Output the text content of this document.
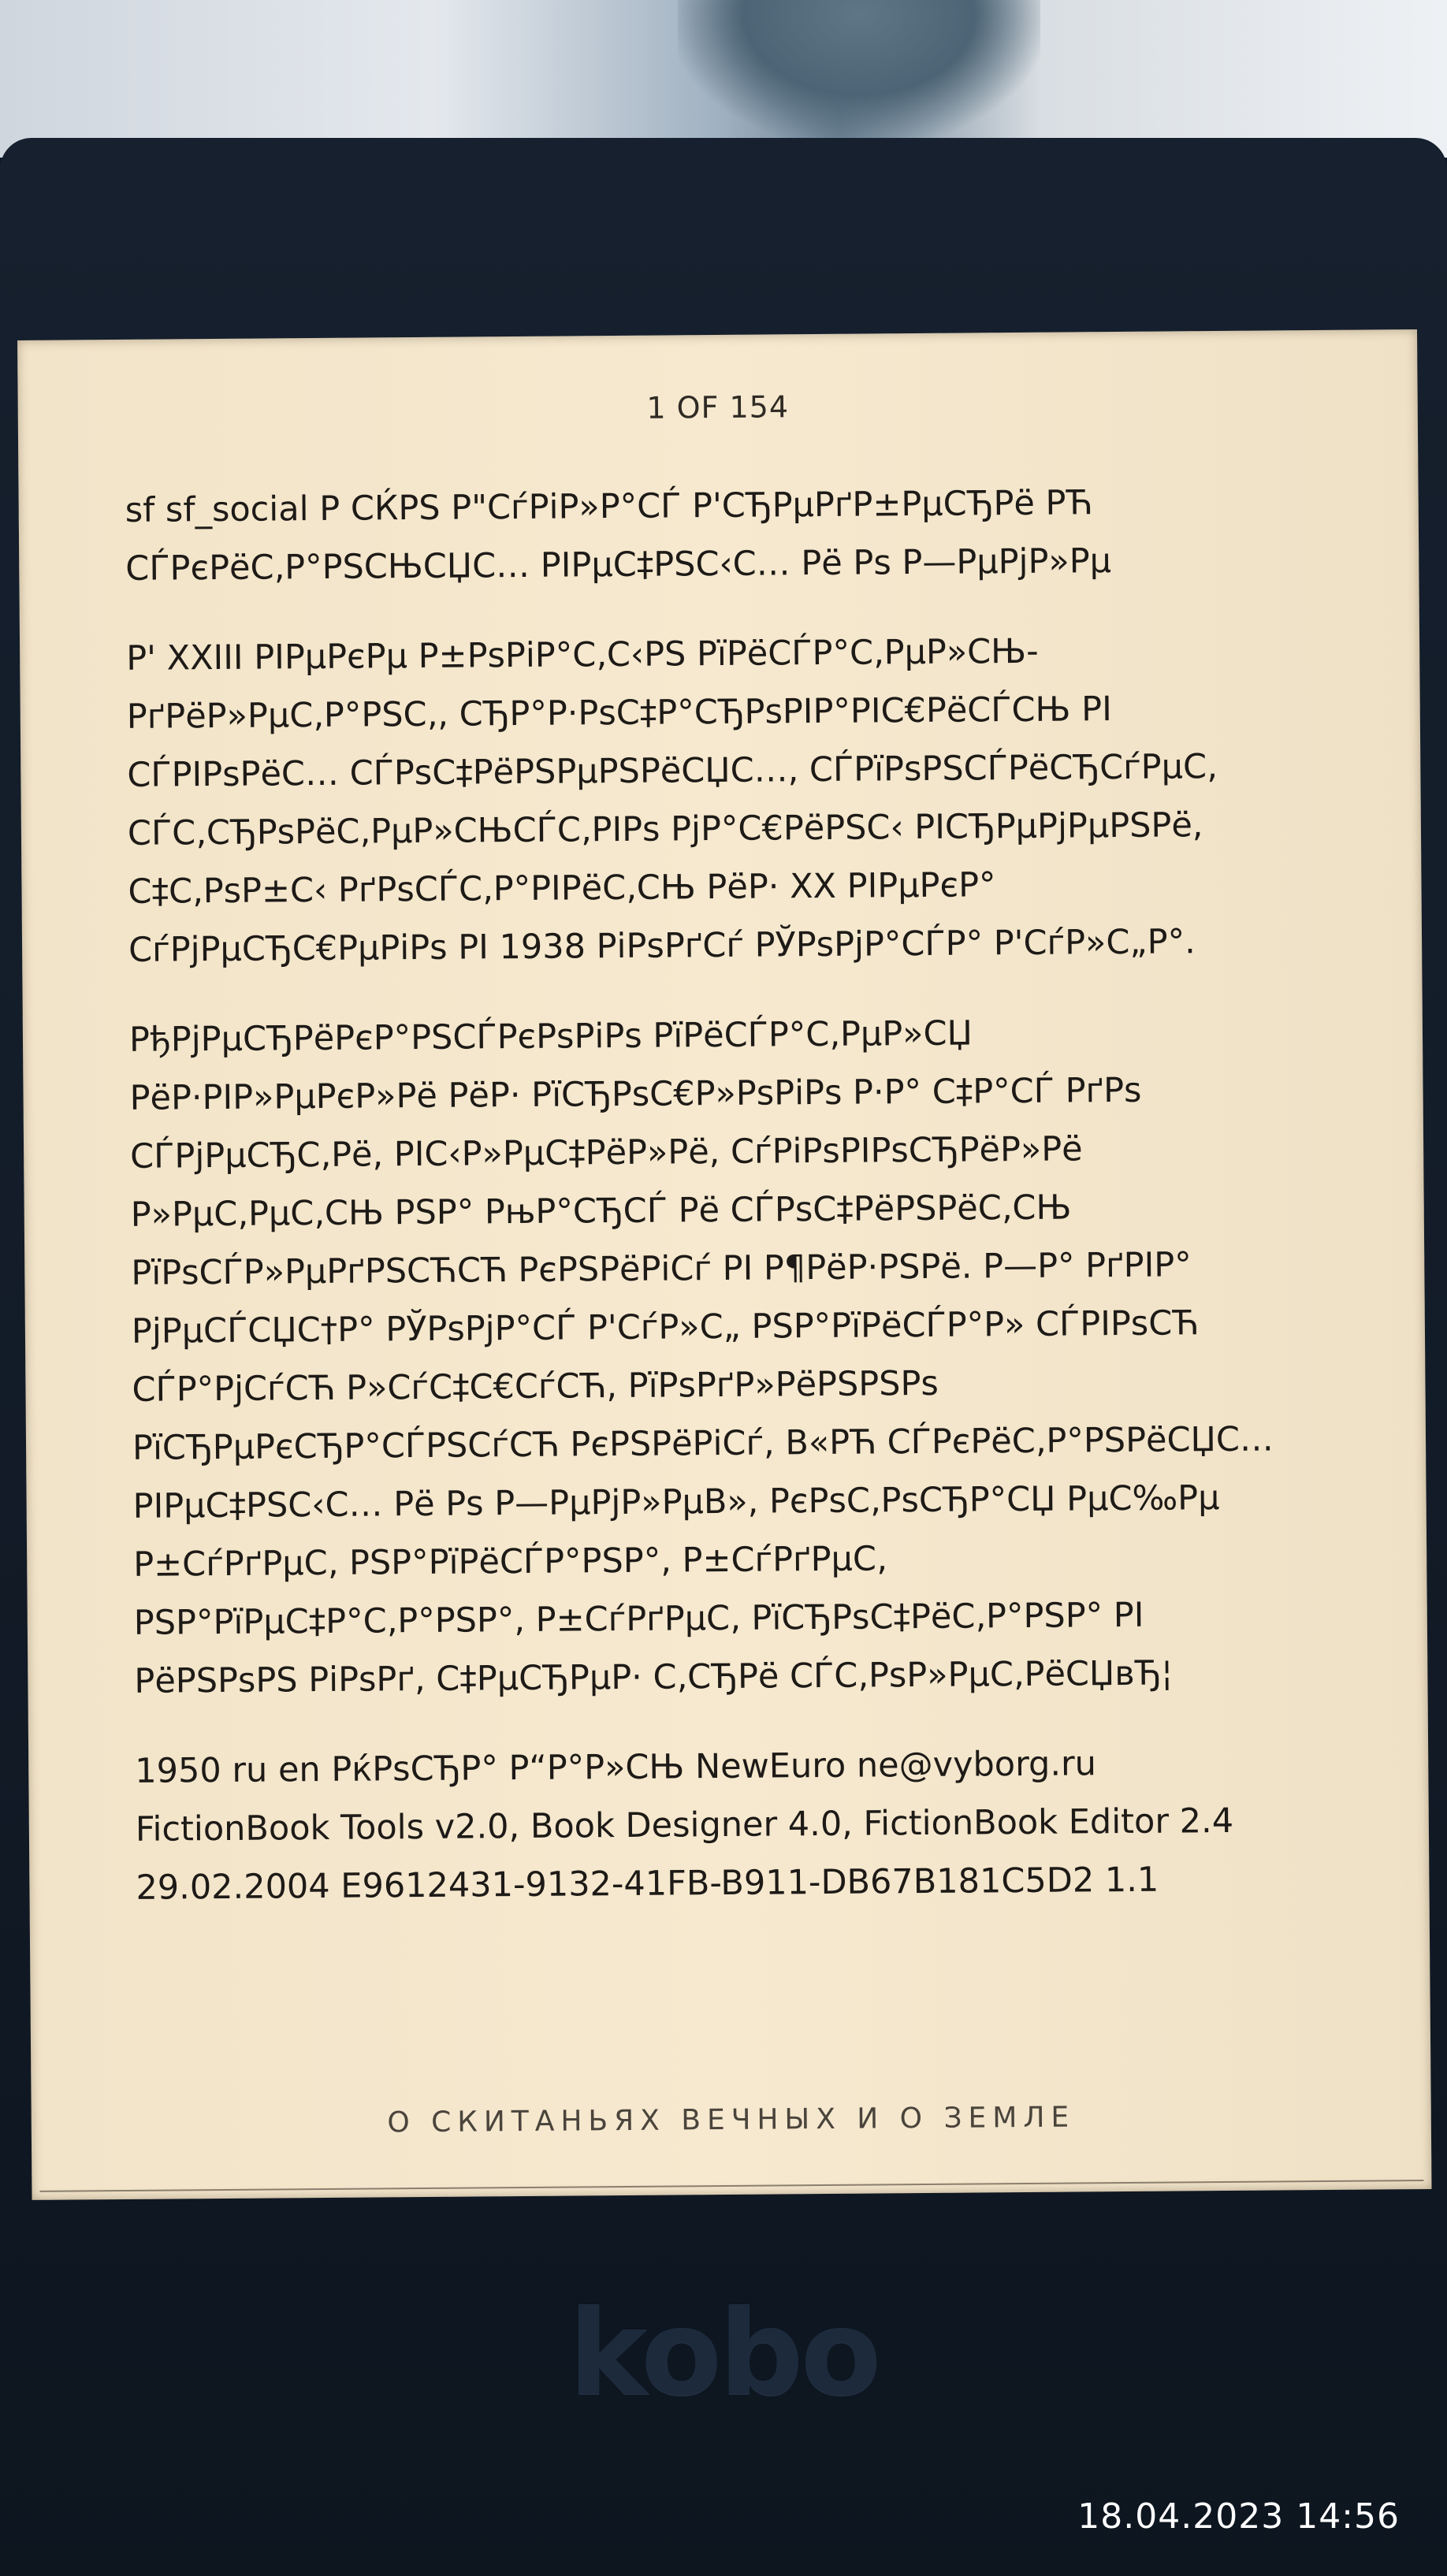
1 OF 154

sf sf_social Р СЌРЅ Р"СѓРіР»Р°СЃ Р'СЂРµРґР±РµСЂРё РЋ

СЃРєРёС‚Р°РЅСЊСЏС… РІРµС‡РЅС‹С… Рё Рѕ Р—РµРјР»Рµ

Р' XXIII РІРµРєРµ Р±РѕРіР°С‚С‹РЅ РїРёСЃР°С‚РµР»СЊ-

РґРёР»РµС‚Р°РЅС‚, СЂР°Р·РѕС‡Р°СЂРѕРІР°РІС€РёСЃСЊ РІ

СЃРІРѕРёС… СЃРѕС‡РёРЅРµРЅРёСЏС…, СЃРїРѕРЅСЃРёСЂСѓРµС‚

СЃС‚СЂРѕРёС‚РµР»СЊСЃС‚РІРѕ РјР°С€РёРЅС‹ РІСЂРµРјРµРЅРё,

С‡С‚РѕР±С‹ РґРѕСЃС‚Р°РІРёС‚СЊ РёР· XX РІРµРєР°

СѓРјРµСЂС€РµРіРѕ РІ 1938 РіРѕРґСѓ РЎРѕРјР°СЃР° Р'СѓР»С„Р°.

РђРјРµСЂРёРєР°РЅСЃРєРѕРіРѕ РїРёСЃР°С‚РµР»СЏ

РёР·РІР»РµРєР»Рё РёР· РїСЂРѕС€Р»РѕРіРѕ Р·Р° С‡Р°СЃ РґРѕ

СЃРјРµСЂС‚Рё, РІС‹Р»РµС‡РёР»Рё, СѓРіРѕРІРѕСЂРёР»Рё

Р»РµС‚РµС‚СЊ РЅР° РњР°СЂСЃ Рё СЃРѕС‡РёРЅРёС‚СЊ

РїРѕСЃР»РµРґРЅСЋСЋ РєРЅРёРіСѓ РІ Р¶РёР·РЅРё. Р—Р° РґРІР°

РјРµСЃСЏС†Р° РЎРѕРјР°СЃ Р'СѓР»С„ РЅР°РїРёСЃР°Р» СЃРІРѕСЋ

СЃР°РјСѓСЋ Р»СѓС‡С€СѓСЋ, РїРѕРґР»РёРЅРЅРѕ

РїСЂРµРєСЂР°СЃРЅСѓСЋ РєРЅРёРіСѓ, В«РЋ СЃРєРёС‚Р°РЅРёСЏС…

РІРµС‡РЅС‹С… Рё Рѕ Р—РµРјР»РµВ», РєРѕС‚РѕСЂР°СЏ РµС‰Рµ

Р±СѓРґРµС‚ РЅР°РїРёСЃР°РЅР°, Р±СѓРґРµС‚

РЅР°РїРµС‡Р°С‚Р°РЅР°, Р±СѓРґРµС‚ РїСЂРѕС‡РёС‚Р°РЅР° РІ

РёРЅРѕРЅ РіРѕРґ, С‡РµСЂРµР· С‚СЂРё СЃС‚РѕР»РµС‚РёСЏвЂ¦

1950 ru en РќРѕСЂР° Р“Р°Р»СЊ NewEuro ne@vyborg.ru

FictionBook Tools v2.0, Book Designer 4.0, FictionBook Editor 2.4

29.02.2004 E9612431-9132-41FB-B911-DB67B181C5D2 1.1

О СКИТАНЬЯХ ВЕЧНЫХ И О ЗЕМЛЕ
kobo
18.04.2023 14:56
